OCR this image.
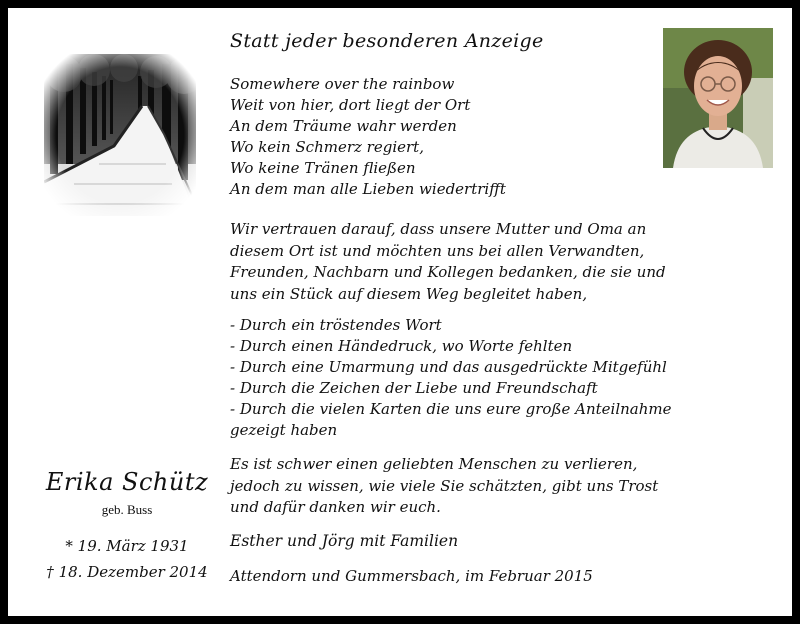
Statt jeder besonderen Anzeige
Somewhere over the rainbow
Weit von hier, dort liegt der Ort
An dem Träume wahr werden
Wo kein Schmerz regiert,
Wo keine Tränen fließen
An dem man alle Lieben wiedertrifft
Wir vertrauen darauf, dass unsere Mutter und Oma an
diesem Ort ist und möchten uns bei allen Verwandten,
Freunden, Nachbarn und Kollegen bedanken, die sie und
uns ein Stück auf diesem Weg begleitet haben,
- Durch ein tröstendes Wort
- Durch einen Händedruck, wo Worte fehlten
- Durch eine Umarmung und das ausgedrückte Mitgefühl
- Durch die Zeichen der Liebe und Freundschaft
- Durch die vielen Karten die uns eure große Anteilnahme
gezeigt haben
Es ist schwer einen geliebten Menschen zu verlieren,
jedoch zu wissen, wie viele Sie schätzten, gibt uns Trost
und dafür danken wir euch.
Esther und Jörg mit Familien
Attendorn und Gummersbach, im Februar 2015
Erika Schütz
geb. Buss
* 19. März 1931
† 18. Dezember 2014
